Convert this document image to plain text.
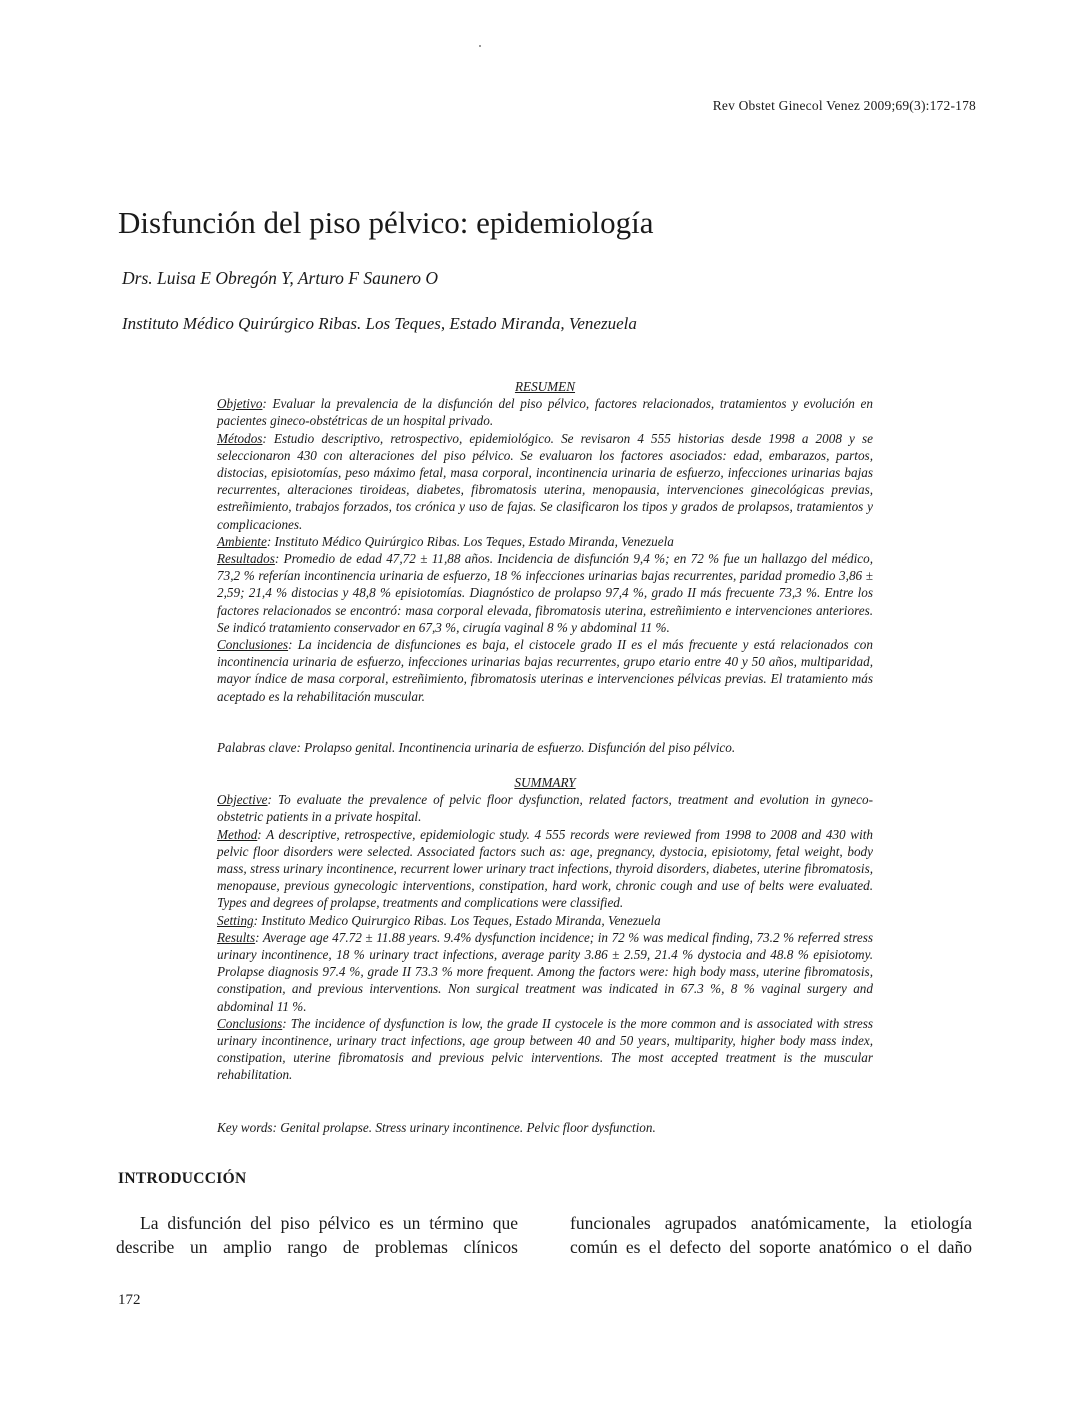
Rev Obstet Ginecol Venez 2009;69(3):172-178
Disfunción del piso pélvico: epidemiología
Drs. Luisa E Obregón Y, Arturo F Saunero O
Instituto Médico Quirúrgico Ribas. Los Teques, Estado Miranda, Venezuela

RESUMEN

Objetivo: Evaluar la prevalencia de la disfunción del piso pélvico, factores relacionados, tratamientos y evolución en pacientes gineco-obstétricas de un hospital privado.

Métodos: Estudio descriptivo, retrospectivo, epidemiológico. Se revisaron 4 555 historias desde 1998 a 2008 y se seleccionaron 430 con alteraciones del piso pélvico. Se evaluaron los factores asociados: edad, embarazos, partos, distocias, episiotomías, peso máximo fetal, masa corporal, incontinencia urinaria de esfuerzo, infecciones urinarias bajas recurrentes, alteraciones tiroideas, diabetes, fibromatosis uterina, menopausia, intervenciones ginecológicas previas, estreñimiento, trabajos forzados, tos crónica y uso de fajas. Se clasificaron los tipos y grados de prolapsos, tratamientos y complicaciones.

Ambiente: Instituto Médico Quirúrgico Ribas. Los Teques, Estado Miranda, Venezuela

Resultados: Promedio de edad 47,72 ± 11,88 años. Incidencia de disfunción 9,4 %; en 72 % fue un hallazgo del médico, 73,2 % referían incontinencia urinaria de esfuerzo, 18 % infecciones urinarias bajas recurrentes, paridad promedio 3,86 ± 2,59; 21,4 % distocias y 48,8 % episiotomías. Diagnóstico de prolapso 97,4 %, grado II más frecuente 73,3 %. Entre los factores relacionados se encontró: masa corporal elevada, fibromatosis uterina, estreñimiento e intervenciones anteriores. Se indicó tratamiento conservador en 67,3 %, cirugía vaginal 8 % y abdominal 11 %.

Conclusiones: La incidencia de disfunciones es baja, el cistocele grado II es el más frecuente y está relacionados con incontinencia urinaria de esfuerzo, infecciones urinarias bajas recurrentes, grupo etario entre 40 y 50 años, multiparidad, mayor índice de masa corporal, estreñimiento, fibromatosis uterinas e intervenciones pélvicas previas. El tratamiento más aceptado es la rehabilitación muscular.

Palabras clave: Prolapso genital. Incontinencia urinaria de esfuerzo. Disfunción del piso pélvico.

SUMMARY

Objective: To evaluate the prevalence of pelvic floor dysfunction, related factors, treatment and evolution in gyneco-obstetric patients in a private hospital.

Method: A descriptive, retrospective, epidemiologic study. 4 555 records were reviewed from 1998 to 2008 and 430 with pelvic floor disorders were selected. Associated factors such as: age, pregnancy, dystocia, episiotomy, fetal weight, body mass, stress urinary incontinence, recurrent lower urinary tract infections, thyroid disorders, diabetes, uterine fibromatosis, menopause, previous gynecologic interventions, constipation, hard work, chronic cough and use of belts were evaluated. Types and degrees of prolapse, treatments and complications were classified.

Setting: Instituto Medico Quirurgico Ribas. Los Teques, Estado Miranda, Venezuela

Results: Average age 47.72 ± 11.88 years. 9.4% dysfunction incidence; in 72 % was medical finding, 73.2 % referred stress urinary incontinence, 18 % urinary tract infections, average parity 3.86 ± 2.59, 21.4 % dystocia and 48.8 % episiotomy. Prolapse diagnosis 97.4 %, grade II 73.3 % more frequent. Among the factors were: high body mass, uterine fibromatosis, constipation, and previous interventions. Non surgical treatment was indicated in 67.3 %, 8 % vaginal surgery and abdominal 11 %.

Conclusions: The incidence of dysfunction is low, the grade II cystocele is the more common and is associated with stress urinary incontinence, urinary tract infections, age group between 40 and 50 years, multiparity, higher body mass index, constipation, uterine fibromatosis and previous pelvic interventions. The most accepted treatment is the muscular rehabilitation.

Key words: Genital prolapse. Stress urinary incontinence. Pelvic floor dysfunction.
INTRODUCCIÓN
La disfunción del piso pélvico es un término que describe un amplio rango de problemas clínicos
funcionales agrupados anatómicamente, la etiología común es el defecto del soporte anatómico o el daño
172
